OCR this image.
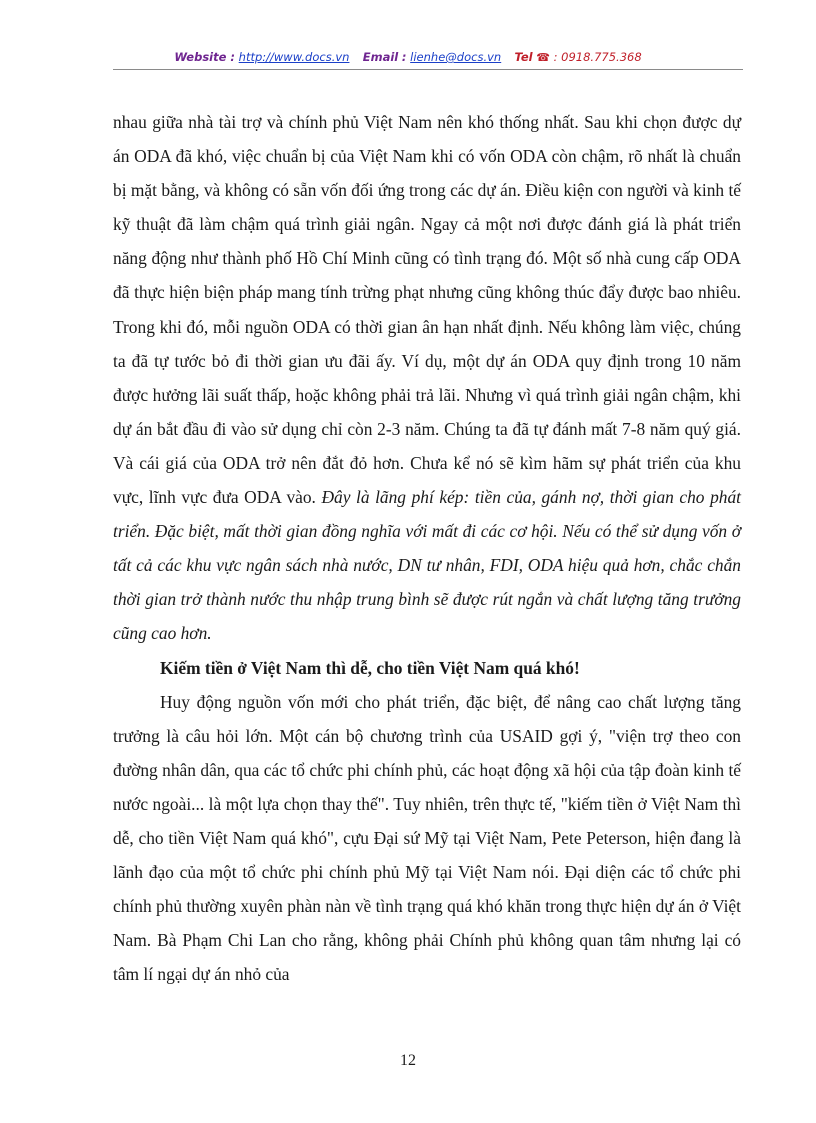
Website : http://www.docs.vn Email : lienhe@docs.vn Tel ☎ : 0918.775.368

nhau giữa nhà tài trợ và chính phủ Việt Nam nên khó thống nhất. Sau khi chọn được dự án ODA đã khó, việc chuẩn bị của Việt Nam khi có vốn ODA còn chậm, rõ nhất là chuẩn bị mặt bằng, và không có sẵn vốn đối ứng trong các dự án. Điều kiện con người và kinh tế kỹ thuật đã làm chậm quá trình giải ngân. Ngay cả một nơi được đánh giá là phát triển năng động như thành phố Hồ Chí Minh cũng có tình trạng đó. Một số nhà cung cấp ODA đã thực hiện biện pháp mang tính trừng phạt nhưng cũng không thúc đẩy được bao nhiêu. Trong khi đó, mỗi nguồn ODA có thời gian ân hạn nhất định. Nếu không làm việc, chúng ta đã tự tước bỏ đi thời gian ưu đãi ấy. Ví dụ, một dự án ODA quy định trong 10 năm được hưởng lãi suất thấp, hoặc không phải trả lãi. Nhưng vì quá trình giải ngân chậm, khi dự án bắt đầu đi vào sử dụng chỉ còn 2-3 năm. Chúng ta đã tự đánh mất 7-8 năm quý giá. Và cái giá của ODA trở nên đắt đỏ hơn. Chưa kể nó sẽ kìm hãm sự phát triển của khu vực, lĩnh vực đưa ODA vào. Đây là lãng phí kép: tiền của, gánh nợ, thời gian cho phát triển. Đặc biệt, mất thời gian đồng nghĩa với mất đi các cơ hội. Nếu có thể sử dụng vốn ở tất cả các khu vực ngân sách nhà nước, DN tư nhân, FDI, ODA hiệu quả hơn, chắc chắn thời gian trở thành nước thu nhập trung bình sẽ được rút ngắn và chất lượng tăng trưởng cũng cao hơn.

Kiếm tiền ở Việt Nam thì dễ, cho tiền Việt Nam quá khó!

Huy động nguồn vốn mới cho phát triển, đặc biệt, để nâng cao chất lượng tăng trưởng là câu hỏi lớn. Một cán bộ chương trình của USAID gợi ý, "viện trợ theo con đường nhân dân, qua các tổ chức phi chính phủ, các hoạt động xã hội của tập đoàn kinh tế nước ngoài... là một lựa chọn thay thế". Tuy nhiên, trên thực tế, "kiếm tiền ở Việt Nam thì dễ, cho tiền Việt Nam quá khó", cựu Đại sứ Mỹ tại Việt Nam, Pete Peterson, hiện đang là lãnh đạo của một tổ chức phi chính phủ Mỹ tại Việt Nam nói. Đại diện các tổ chức phi chính phủ thường xuyên phàn nàn về tình trạng quá khó khăn trong thực hiện dự án ở Việt Nam. Bà Phạm Chi Lan cho rằng, không phải Chính phủ không quan tâm nhưng lại có tâm lí ngại dự án nhỏ của

12
